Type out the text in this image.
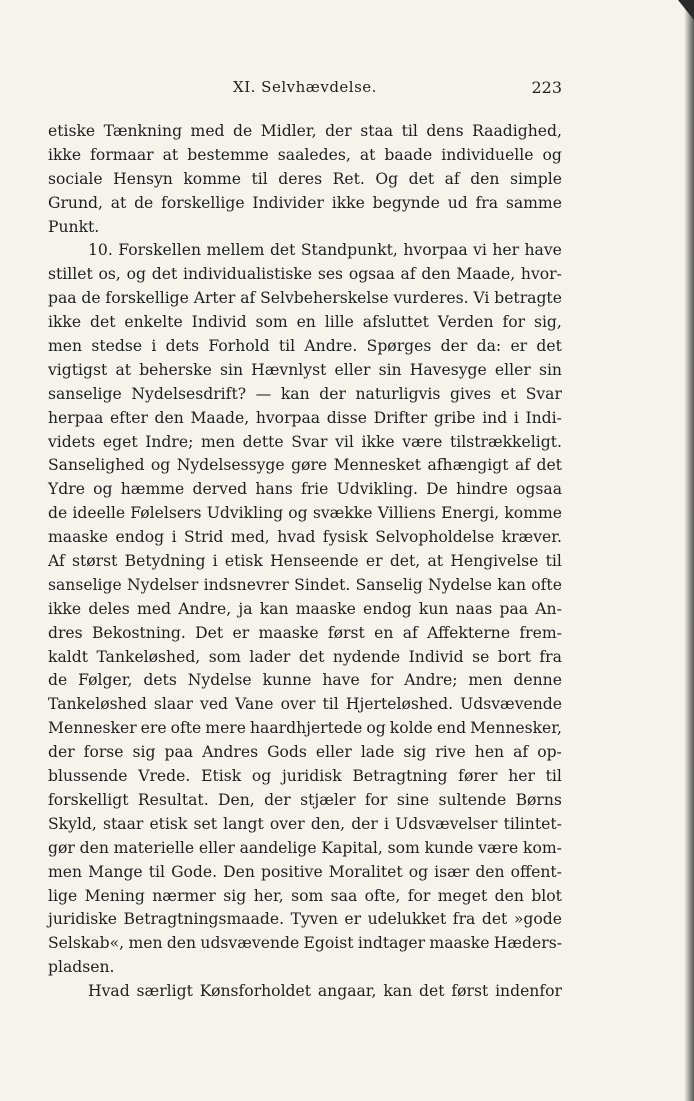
XI. Selvhævdelse.	223
etiske Tænkning med de Midler, der staa til dens Raadighed,
ikke formaar at bestemme saaledes, at baade individuelle og
sociale Hensyn komme til deres Ret. Og det af den simple
Grund, at de forskellige Individer ikke begynde ud fra samme
Punkt.
10. Forskellen mellem det Standpunkt, hvorpaa vi her have
stillet os, og det individualistiske ses ogsaa af den Maade, hvor-
paa de forskellige Arter af Selvbeherskelse vurderes. Vi betragte
ikke det enkelte Individ som en lille afsluttet Verden for sig,
men stedse i dets Forhold til Andre. Spørges der da: er det
vigtigst at beherske sin Hævnlyst eller sin Havesyge eller sin
sanselige Nydelsesdrift? — kan der naturligvis gives et Svar
herpaa efter den Maade, hvorpaa disse Drifter gribe ind i Indi-
videts eget Indre; men dette Svar vil ikke være tilstrækkeligt.
Sanselighed og Nydelsessyge gøre Mennesket afhængigt af det
Ydre og hæmme derved hans frie Udvikling. De hindre ogsaa
de ideelle Følelsers Udvikling og svække Villiens Energi, komme
maaske endog i Strid med, hvad fysisk Selvopholdelse kræver.
Af størst Betydning i etisk Henseende er det, at Hengivelse til
sanselige Nydelser indsnevrer Sindet. Sanselig Nydelse kan ofte
ikke deles med Andre, ja kan maaske endog kun naas paa An-
dres Bekostning. Det er maaske først en af Affekterne frem-
kaldt Tankeløshed, som lader det nydende Individ se bort fra
de Følger, dets Nydelse kunne have for Andre; men denne
Tankeløshed slaar ved Vane over til Hjerteløshed. Udsvævende
Mennesker ere ofte mere haardhjertede og kolde end Mennesker,
der forse sig paa Andres Gods eller lade sig rive hen af op-
blussende Vrede. Etisk og juridisk Betragtning fører her til
forskelligt Resultat. Den, der stjæler for sine sultende Børns
Skyld, staar etisk set langt over den, der i Udsvævelser tilintet-
gør den materielle eller aandelige Kapital, som kunde være kom-
men Mange til Gode. Den positive Moralitet og især den offent-
lige Mening nærmer sig her, som saa ofte, for meget den blot
juridiske Betragtningsmaade. Tyven er udelukket fra det »gode
Selskab«, men den udsvævende Egoist indtager maaske Hæders-
pladsen.
Hvad særligt Kønsforholdet angaar, kan det først indenfor
